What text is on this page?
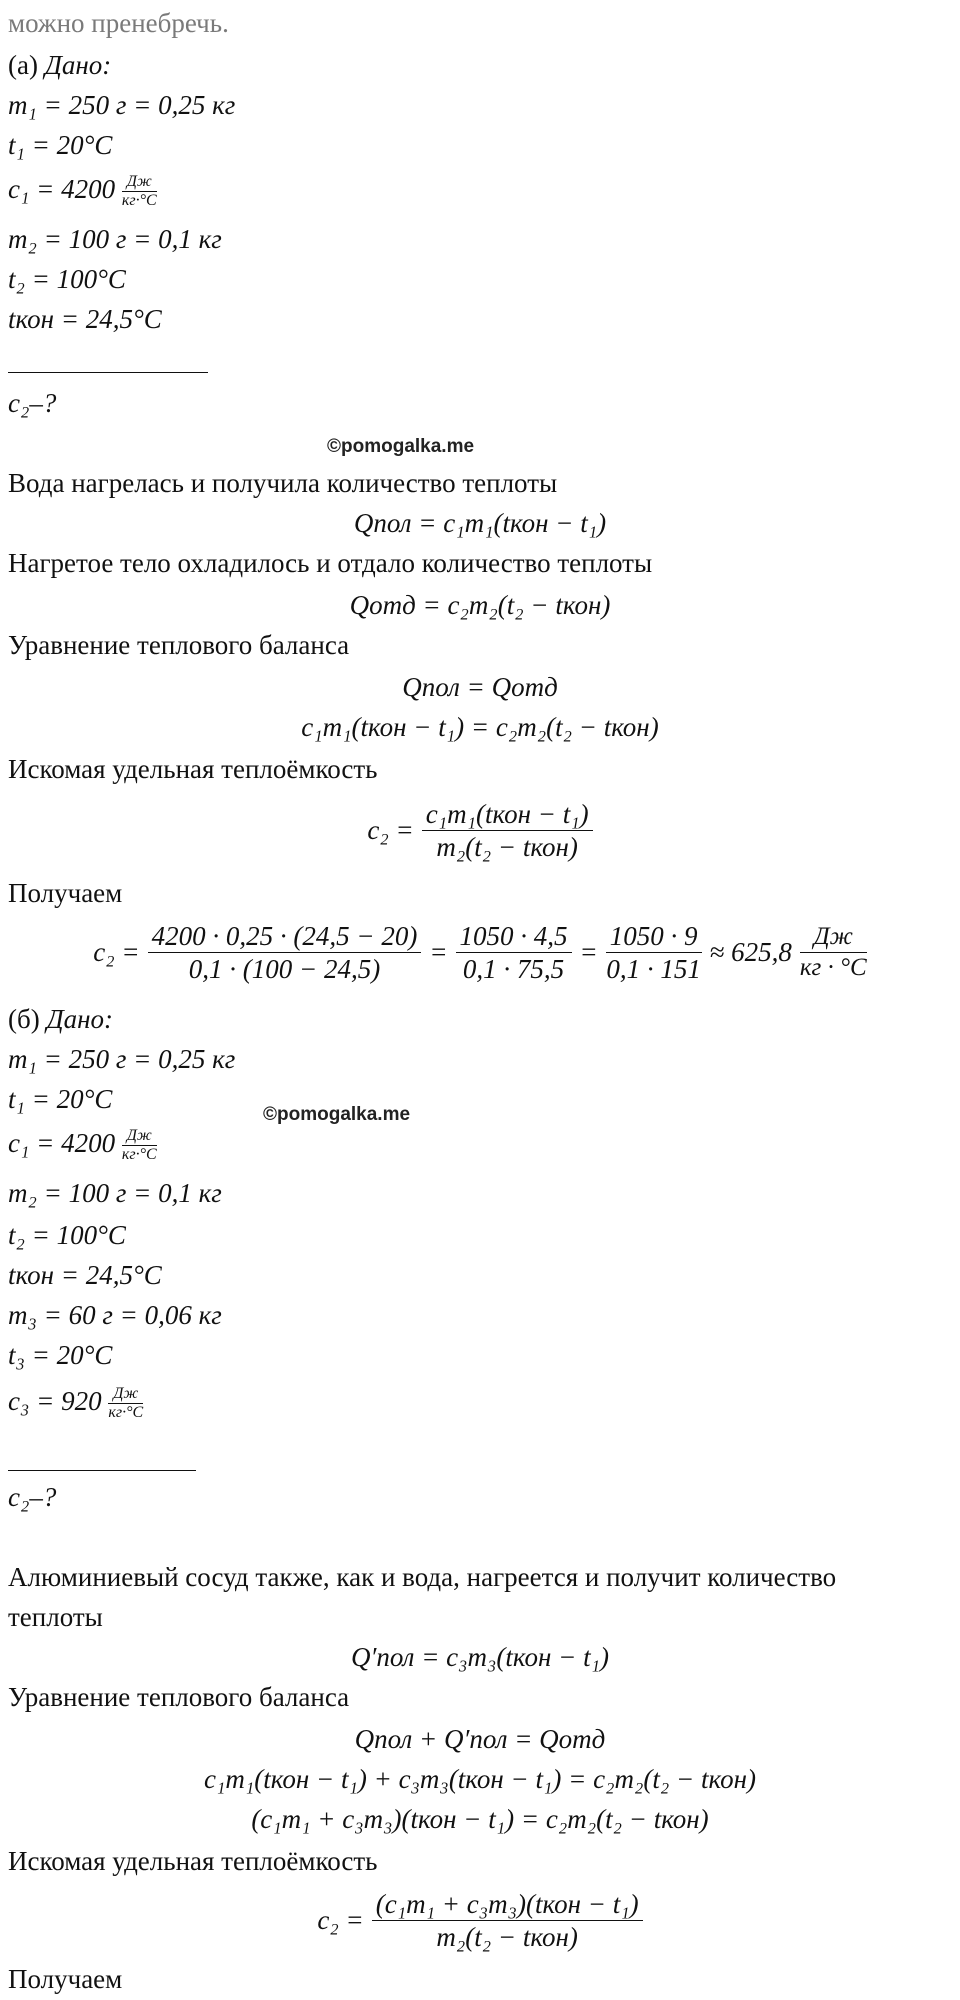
можно пренебречь.
(а) Дано:
m₁ = 250 г = 0,25 кг
t₁ = 20°C
$c_1 = 4200 \frac{Дж}{кг\cdot^\circ C}$
m₂ = 100 г = 0,1 кг
t₂ = 100°C
tкон = 24,5°C
c₂–?
©pomogalka.me
Вода нагрелась и получила количество теплоты
Qпол = c₁m₁(tкон − t₁)
Нагретое тело охладилось и отдало количество теплоты
Qотд = c₂m₂(t₂ − tкон)
Уравнение теплового баланса
Qпол = Qотд
c₁m₁(tкон − t₁) = c₂m₂(t₂ − tкон)
Искомая удельная теплоёмкость
$c_2 = \frac{\text{c₁m₁(tкон − t₁)}}{\text{m₂(t₂ − tкон)}}$
Получаем
$c_2 = \frac{4200 \cdot 0,25 \cdot (24,5 - 20)}{0,1 \cdot (100 - 24,5)} = \frac{1050 \cdot 4,5}{0,1 \cdot 75,5} = \frac{1050 \cdot 9}{0,1 \cdot 151} \approx 625,8 \frac{Дж}{кг \cdot ^\circ C}$
(б) Дано:
m₁ = 250 г = 0,25 кг
t₁ = 20°C
©pomogalka.me
$c_1 = 4200 \frac{Дж}{кг\cdot^\circ C}$
m₂ = 100 г = 0,1 кг
t₂ = 100°C
tкон = 24,5°C
m₃ = 60 г = 0,06 кг
t₃ = 20°C
$c_3 = 920 \frac{Дж}{кг\cdot^\circ C}$
c₂–?
Алюминиевый сосуд также, как и вода, нагреется и получит количество
теплоты
Q′пол = c₃m₃(tкон − t₁)
Уравнение теплового баланса
Qпол + Q′пол = Qотд
c₁m₁(tкон − t₁) + c₃m₃(tкон − t₁) = c₂m₂(t₂ − tкон)
(c₁m₁ + c₃m₃)(tкон − t₁) = c₂m₂(t₂ − tкон)
Искомая удельная теплоёмкость
$c_2 = \frac{\text{(c₁m₁ + c₃m₃)(tкон − t₁)}}{\text{m₂(t₂ − tкон)}}$
Получаем
